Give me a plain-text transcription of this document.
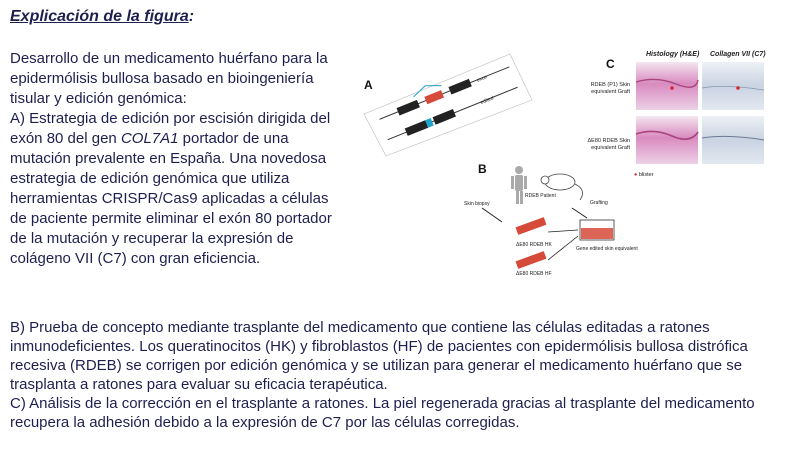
Explicación de la figura:

Desarrollo de un medicamento huérfano para la epidermólisis bullosa basado en bioingeniería tisular y edición genómica:

A) Estrategia de edición por escisión dirigida del exón 80 del gen COL7A1 portador de una mutación prevalente en España. Una novedosa estrategia de edición genómica que utiliza herramientas CRISPR/Cas9 aplicadas a células de paciente permite eliminar el exón 80 portador de la mutación y recuperar la expresión de colágeno VII (C7) con gran eficiencia.

B) Prueba de concepto mediante trasplante del medicamento que contiene las células editadas a ratones inmunodeficientes. Los queratinocitos (HK) y fibroblastos (HF) de pacientes con epidermólisis bullosa distrófica recesiva (RDEB) se corrigen por edición genómica y se utilizan para generar el medicamento huérfano que se trasplanta a ratones para evaluar su eficacia terapéutica.

C) Análisis de la corrección en el trasplante a ratones. La piel regenerada gracias al trasplante del medicamento recupera la adhesión debido a la expresión de C7 por las células corregidas.

A	exon
edited
B
RDEB Patient
Skin biopsy	Grafting
ΔE80 RDEB HK
ΔE80 RDEB HF
Gene edited skin equivalent
C
Histology (H&E) Collagen VII (C7)
RDEB (P1) Skin equivalent Graft
ΔE80 RDEB Skin equivalent Graft
● blister
